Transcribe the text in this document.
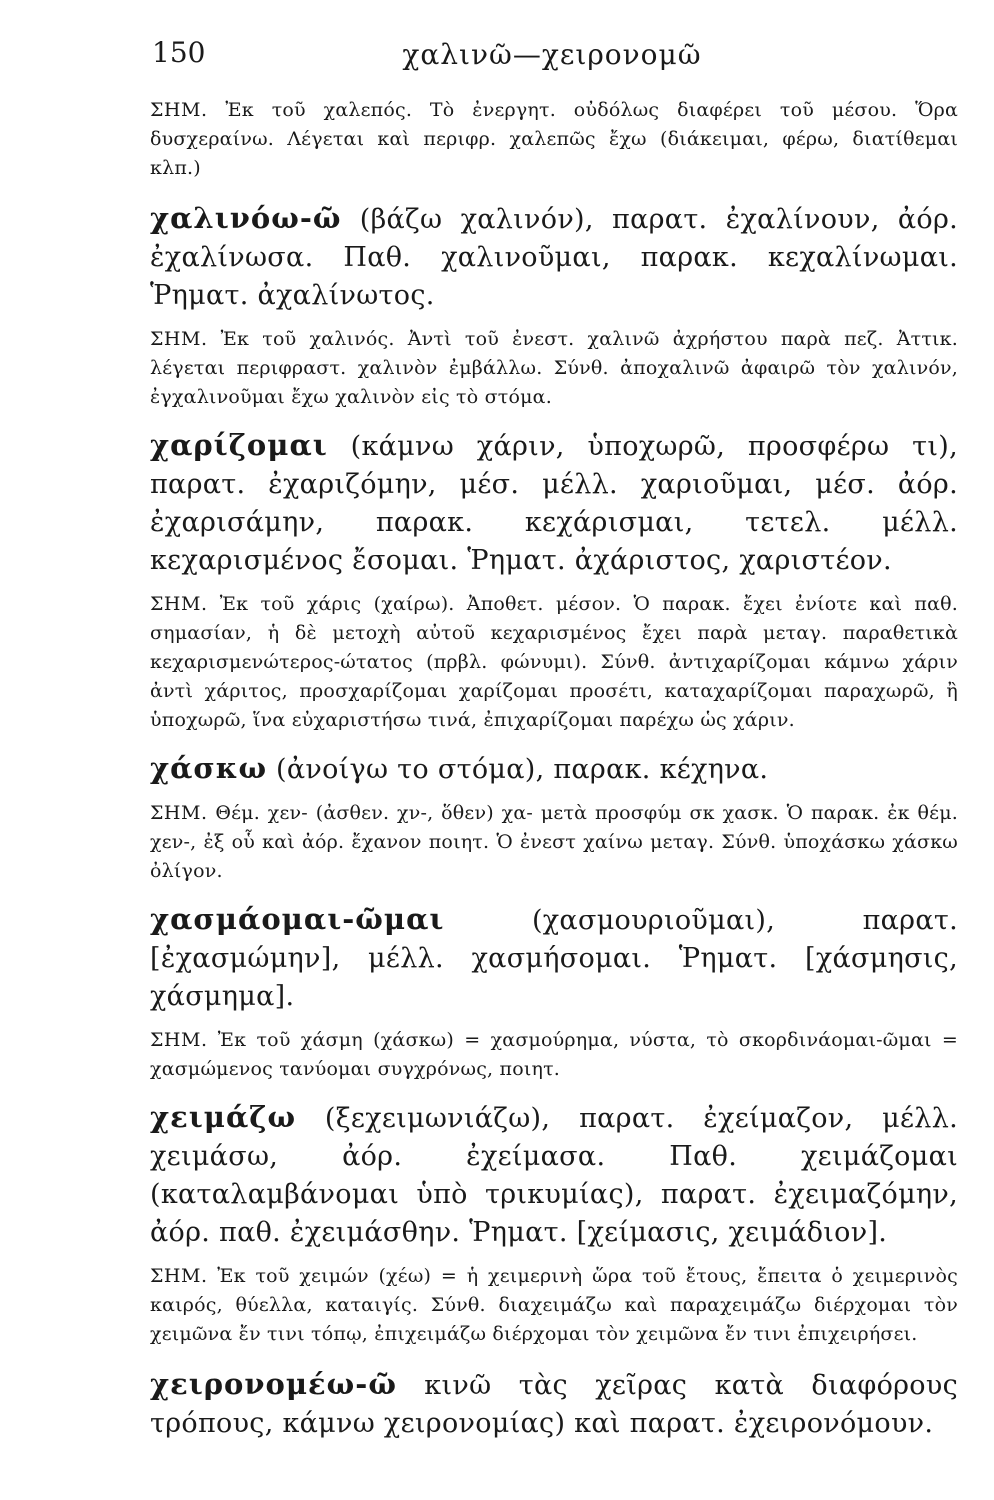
150	χαλινῶ—χειρονομῶ

ΣΗΜ. Ἐκ τοῦ χαλεπός. Τὸ ἐνεργητ. οὐδόλως διαφέρει τοῦ μέσου. Ὅρα δυσχεραίνω. Λέγεται καὶ περιφρ. χαλεπῶς ἔχω (διάκειμαι, φέρω, διατίθεμαι κλπ.)

χαλινόω-ῶ (βάζω χαλινόν), παρατ. ἐχαλίνουν, ἀόρ. ἐχαλίνωσα. Παθ. χαλινοῦμαι, παρακ. κεχαλίνωμαι. Ῥηματ. ἀχαλίνωτος.

ΣΗΜ. Ἐκ τοῦ χαλινός. Ἀντὶ τοῦ ἐνεστ. χαλινῶ ἀχρήστου παρὰ πεζ. Ἀττικ. λέγεται περιφραστ. χαλινὸν ἐμβάλλω. Σύνθ. ἀποχαλινῶ ἀφαιρῶ τὸν χαλινόν, ἐγχαλινοῦμαι ἔχω χαλινὸν εἰς τὸ στόμα.

χαρίζομαι (κάμνω χάριν, ὑποχωρῶ, προσφέρω τι), παρατ. ἐχαριζόμην, μέσ. μέλλ. χαριοῦμαι, μέσ. ἀόρ. ἐχαρισάμην, παρακ. κεχάρισμαι, τετελ. μέλλ. κεχαρισμένος ἔσομαι. Ῥηματ. ἀχάριστος, χαριστέον.

ΣΗΜ. Ἐκ τοῦ χάρις (χαίρω). Ἀποθετ. μέσον. Ὁ παρακ. ἔχει ἐνίοτε καὶ παθ. σημασίαν, ἡ δὲ μετοχὴ αὐτοῦ κεχαρισμένος ἔχει παρὰ μεταγ. παραθετικὰ κεχαρισμενώτερος-ώτατος (πρβλ. φώνυμι). Σύνθ. ἀντιχαρίζομαι κάμνω χάριν ἀντὶ χάριτος, προσχαρίζομαι χαρίζομαι προσέτι, καταχαρίζομαι παραχωρῶ, ἢ ὑποχωρῶ, ἵνα εὐχαριστήσω τινά, ἐπιχαρίζομαι παρέχω ὡς χάριν.

χάσκω (ἀνοίγω το στόμα), παρακ. κέχηνα.

ΣΗΜ. Θέμ. χεν- (ἀσθεν. χν-, ὅθεν) χα- μετὰ προσφύμ σκ χασκ. Ὁ παρακ. ἐκ θέμ. χεν-, ἐξ οὗ καὶ ἀόρ. ἔχανον ποιητ. Ὁ ἐνεστ χαίνω μεταγ. Σύνθ. ὑποχάσκω χάσκω ὀλίγον.

χασμάομαι-ῶμαι	(χασμουριοῦμαι), παρατ. [ἐχασμώμην], μέλλ. χασμήσομαι. Ῥηματ. [χάσμησις, χάσμημα].

ΣΗΜ. Ἐκ τοῦ χάσμη (χάσκω) = χασμούρημα, νύστα, τὸ σκορδινάομαι-ῶμαι = χασμώμενος τανύομαι συγχρόνως, ποιητ.

χειμάζω (ξεχειμωνιάζω), παρατ. ἐχείμαζον, μέλλ. χειμάσω, ἀόρ. ἐχείμασα. Παθ. χειμάζομαι (καταλαμβάνομαι ὑπὸ τρικυμίας), παρατ. ἐχειμαζόμην, ἀόρ. παθ. ἐχειμάσθην. Ῥηματ. [χείμασις, χειμάδιον].

ΣΗΜ. Ἐκ τοῦ χειμών (χέω) = ἡ χειμερινὴ ὥρα τοῦ ἔτους, ἔπειτα ὁ χειμερινὸς καιρός, θύελλα, καταιγίς. Σύνθ. διαχειμάζω καὶ παραχειμάζω διέρχομαι τὸν χειμῶνα ἔν τινι τόπῳ, ἐπιχειμάζω διέρχομαι τὸν χειμῶνα ἔν τινι ἐπιχειρήσει.

χειρονομέω-ῶ κινῶ τὰς χεῖρας κατὰ διαφόρους τρόπους, κάμνω χειρονομίας) καὶ παρατ. ἐχειρονόμουν.
